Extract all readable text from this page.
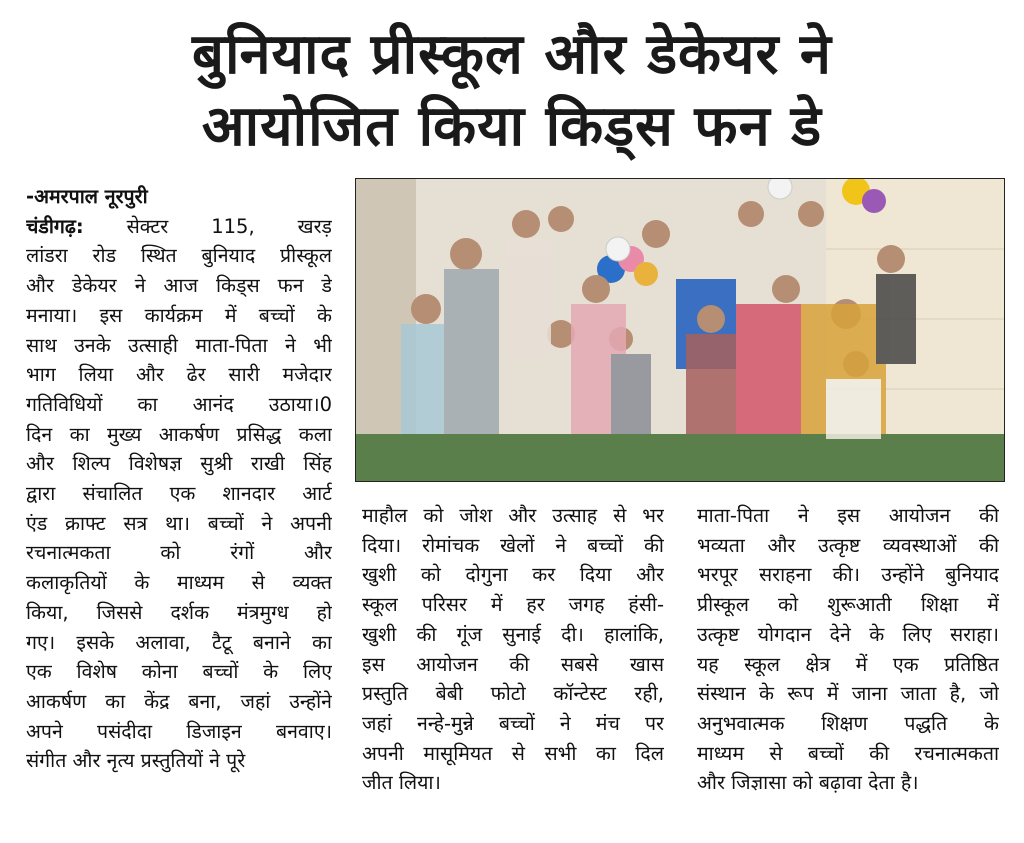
बुनियाद प्रीस्कूल और डेकेयर ने
आयोजित किया किड्स फन डे
-अमरपाल नूरपुरी
चंडीगढ़: सेक्टर 115, खरड़
लांडरा रोड स्थित बुनियाद प्रीस्कूल
और डेकेयर ने आज किड्स फन डे
मनाया। इस कार्यक्रम में बच्चों के
साथ उनके उत्साही माता-पिता ने भी
भाग लिया और ढेर सारी मजेदार
गतिविधियों का आनंद उठाया।0
दिन का मुख्य आकर्षण प्रसिद्ध कला
और शिल्प विशेषज्ञ सुश्री राखी सिंह
द्वारा संचालित एक शानदार आर्ट
एंड क्राफ्ट सत्र था। बच्चों ने अपनी
रचनात्मकता को रंगों और
कलाकृतियों के माध्यम से व्यक्त
किया, जिससे दर्शक मंत्रमुग्ध हो
गए। इसके अलावा, टैटू बनाने का
एक विशेष कोना बच्चों के लिए
आकर्षण का केंद्र बना, जहां उन्होंने
अपने पसंदीदा डिजाइन बनवाए।
संगीत और नृत्य प्रस्तुतियों ने पूरे
माहौल को जोश और उत्साह से भर
दिया। रोमांचक खेलों ने बच्चों की
खुशी को दोगुना कर दिया और
स्कूल परिसर में हर जगह हंसी-
खुशी की गूंज सुनाई दी। हालांकि,
इस आयोजन की सबसे खास
प्रस्तुति बेबी फोटो कॉन्टेस्ट रही,
जहां नन्हे-मुन्ने बच्चों ने मंच पर
अपनी मासूमियत से सभी का दिल
जीत लिया।
माता-पिता ने इस आयोजन की
भव्यता और उत्कृष्ट व्यवस्थाओं की
भरपूर सराहना की। उन्होंने बुनियाद
प्रीस्कूल को शुरूआती शिक्षा में
उत्कृष्ट योगदान देने के लिए सराहा।
यह स्कूल क्षेत्र में एक प्रतिष्ठित
संस्थान के रूप में जाना जाता है, जो
अनुभवात्मक शिक्षण पद्धति के
माध्यम से बच्चों की रचनात्मकता
और जिज्ञासा को बढ़ावा देता है।
